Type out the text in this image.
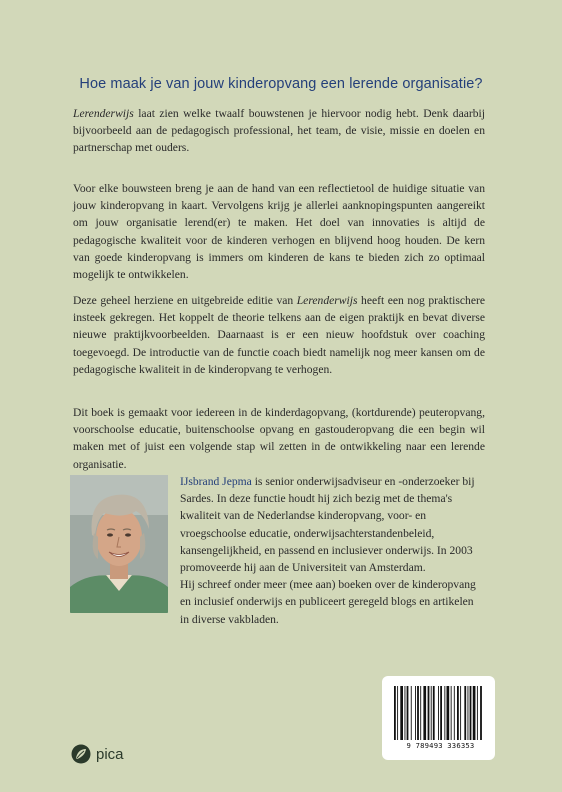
Hoe maak je van jouw kinderopvang een lerende organisatie?

Lerenderwijs laat zien welke twaalf bouwstenen je hiervoor nodig hebt. Denk daarbij bijvoorbeeld aan de pedagogisch professional, het team, de visie, missie en doelen en partnerschap met ouders.

Voor elke bouwsteen breng je aan de hand van een reflectietool de huidige situatie van jouw kinderopvang in kaart. Vervolgens krijg je allerlei aanknopingspunten aangereikt om jouw organisatie lerend(er) te maken. Het doel van innovaties is altijd de pedagogische kwaliteit voor de kinderen verhogen en blijvend hoog houden. De kern van goede kinderopvang is immers om kinderen de kans te bieden zich zo optimaal mogelijk te ontwikkelen.

Deze geheel herziene en uitgebreide editie van Lerenderwijs heeft een nog praktischere insteek gekregen. Het koppelt de theorie telkens aan de eigen praktijk en bevat diverse nieuwe praktijkvoorbeelden. Daarnaast is er een nieuw hoofdstuk over coaching toegevoegd. De introductie van de functie coach biedt namelijk nog meer kansen om de pedagogische kwaliteit in de kinderopvang te verhogen.

Dit boek is gemaakt voor iedereen in de kinderdagopvang, (kortdurende) peuteropvang, voorschoolse educatie, buitenschoolse opvang en gastouderopvang die een begin wil maken met of juist een volgende stap wil zetten in de ontwikkeling naar een lerende organisatie.

IJsbrand Jepma is senior onderwijsadviseur en -onderzoeker bij Sardes. In deze functie houdt hij zich bezig met de thema's kwaliteit van de Nederlandse kinderopvang, voor- en vroegschoolse educatie, onderwijsachterstandenbeleid, kansengelijkheid, en passend en inclusiever onderwijs. In 2003 promoveerde hij aan de Universiteit van Amsterdam.

Hij schreef onder meer (mee aan) boeken over de kinderopvang en inclusief onderwijs en publiceert geregeld blogs en artikelen in diverse vakbladen.

pica	9 789493 336353
